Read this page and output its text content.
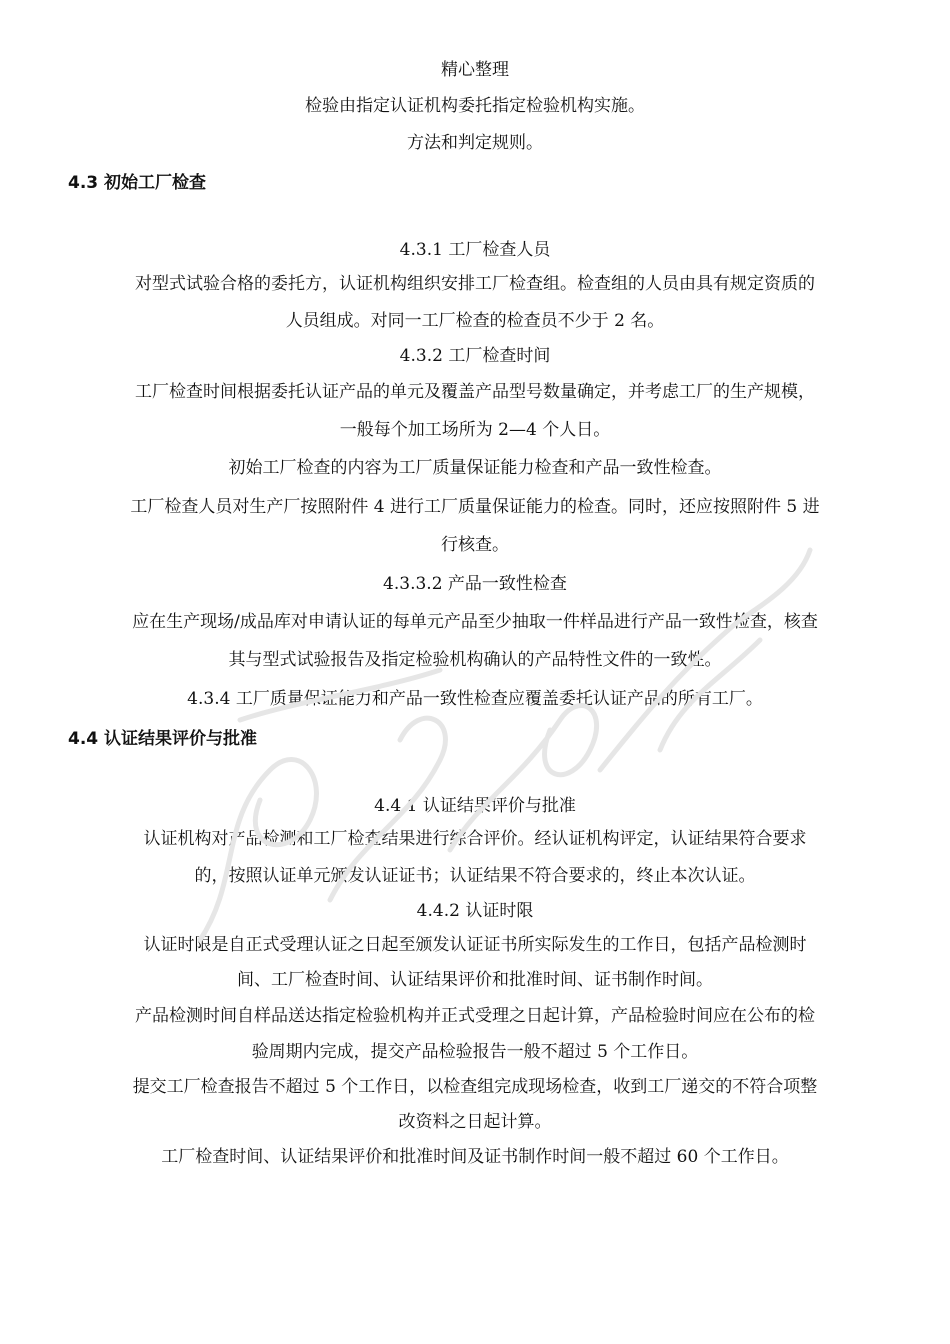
精心整理
检验由指定认证机构委托指定检验机构实施。
方法和判定规则。
4.3 初始工厂检查
4.3.1 工厂检查人员
对型式试验合格的委托方，认证机构组织安排工厂检查组。检查组的人员由具有规定资质的
人员组成。对同一工厂检查的检查员不少于 2 名。
4.3.2 工厂检查时间
工厂检查时间根据委托认证产品的单元及覆盖产品型号数量确定，并考虑工厂的生产规模，
一般每个加工场所为 2—4 个人日。
初始工厂检查的内容为工厂质量保证能力检查和产品一致性检查。
工厂检查人员对生产厂按照附件 4 进行工厂质量保证能力的检查。同时，还应按照附件 5 进
行核查。
4.3.3.2 产品一致性检查
应在生产现场/成品库对申请认证的每单元产品至少抽取一件样品进行产品一致性检查，核查
其与型式试验报告及指定检验机构确认的产品特性文件的一致性。
4.3.4 工厂质量保证能力和产品一致性检查应覆盖委托认证产品的所有工厂。
4.4 认证结果评价与批准
4.4.1 认证结果评价与批准
认证机构对产品检测和工厂检查结果进行综合评价。经认证机构评定，认证结果符合要求
的，按照认证单元颁发认证证书；认证结果不符合要求的，终止本次认证。
4.4.2 认证时限
认证时限是自正式受理认证之日起至颁发认证证书所实际发生的工作日，包括产品检测时
间、工厂检查时间、认证结果评价和批准时间、证书制作时间。
产品检测时间自样品送达指定检验机构并正式受理之日起计算，产品检验时间应在公布的检
验周期内完成，提交产品检验报告一般不超过 5 个工作日。
提交工厂检查报告不超过 5 个工作日，以检查组完成现场检查，收到工厂递交的不符合项整
改资料之日起计算。
工厂检查时间、认证结果评价和批准时间及证书制作时间一般不超过 60 个工作日。
